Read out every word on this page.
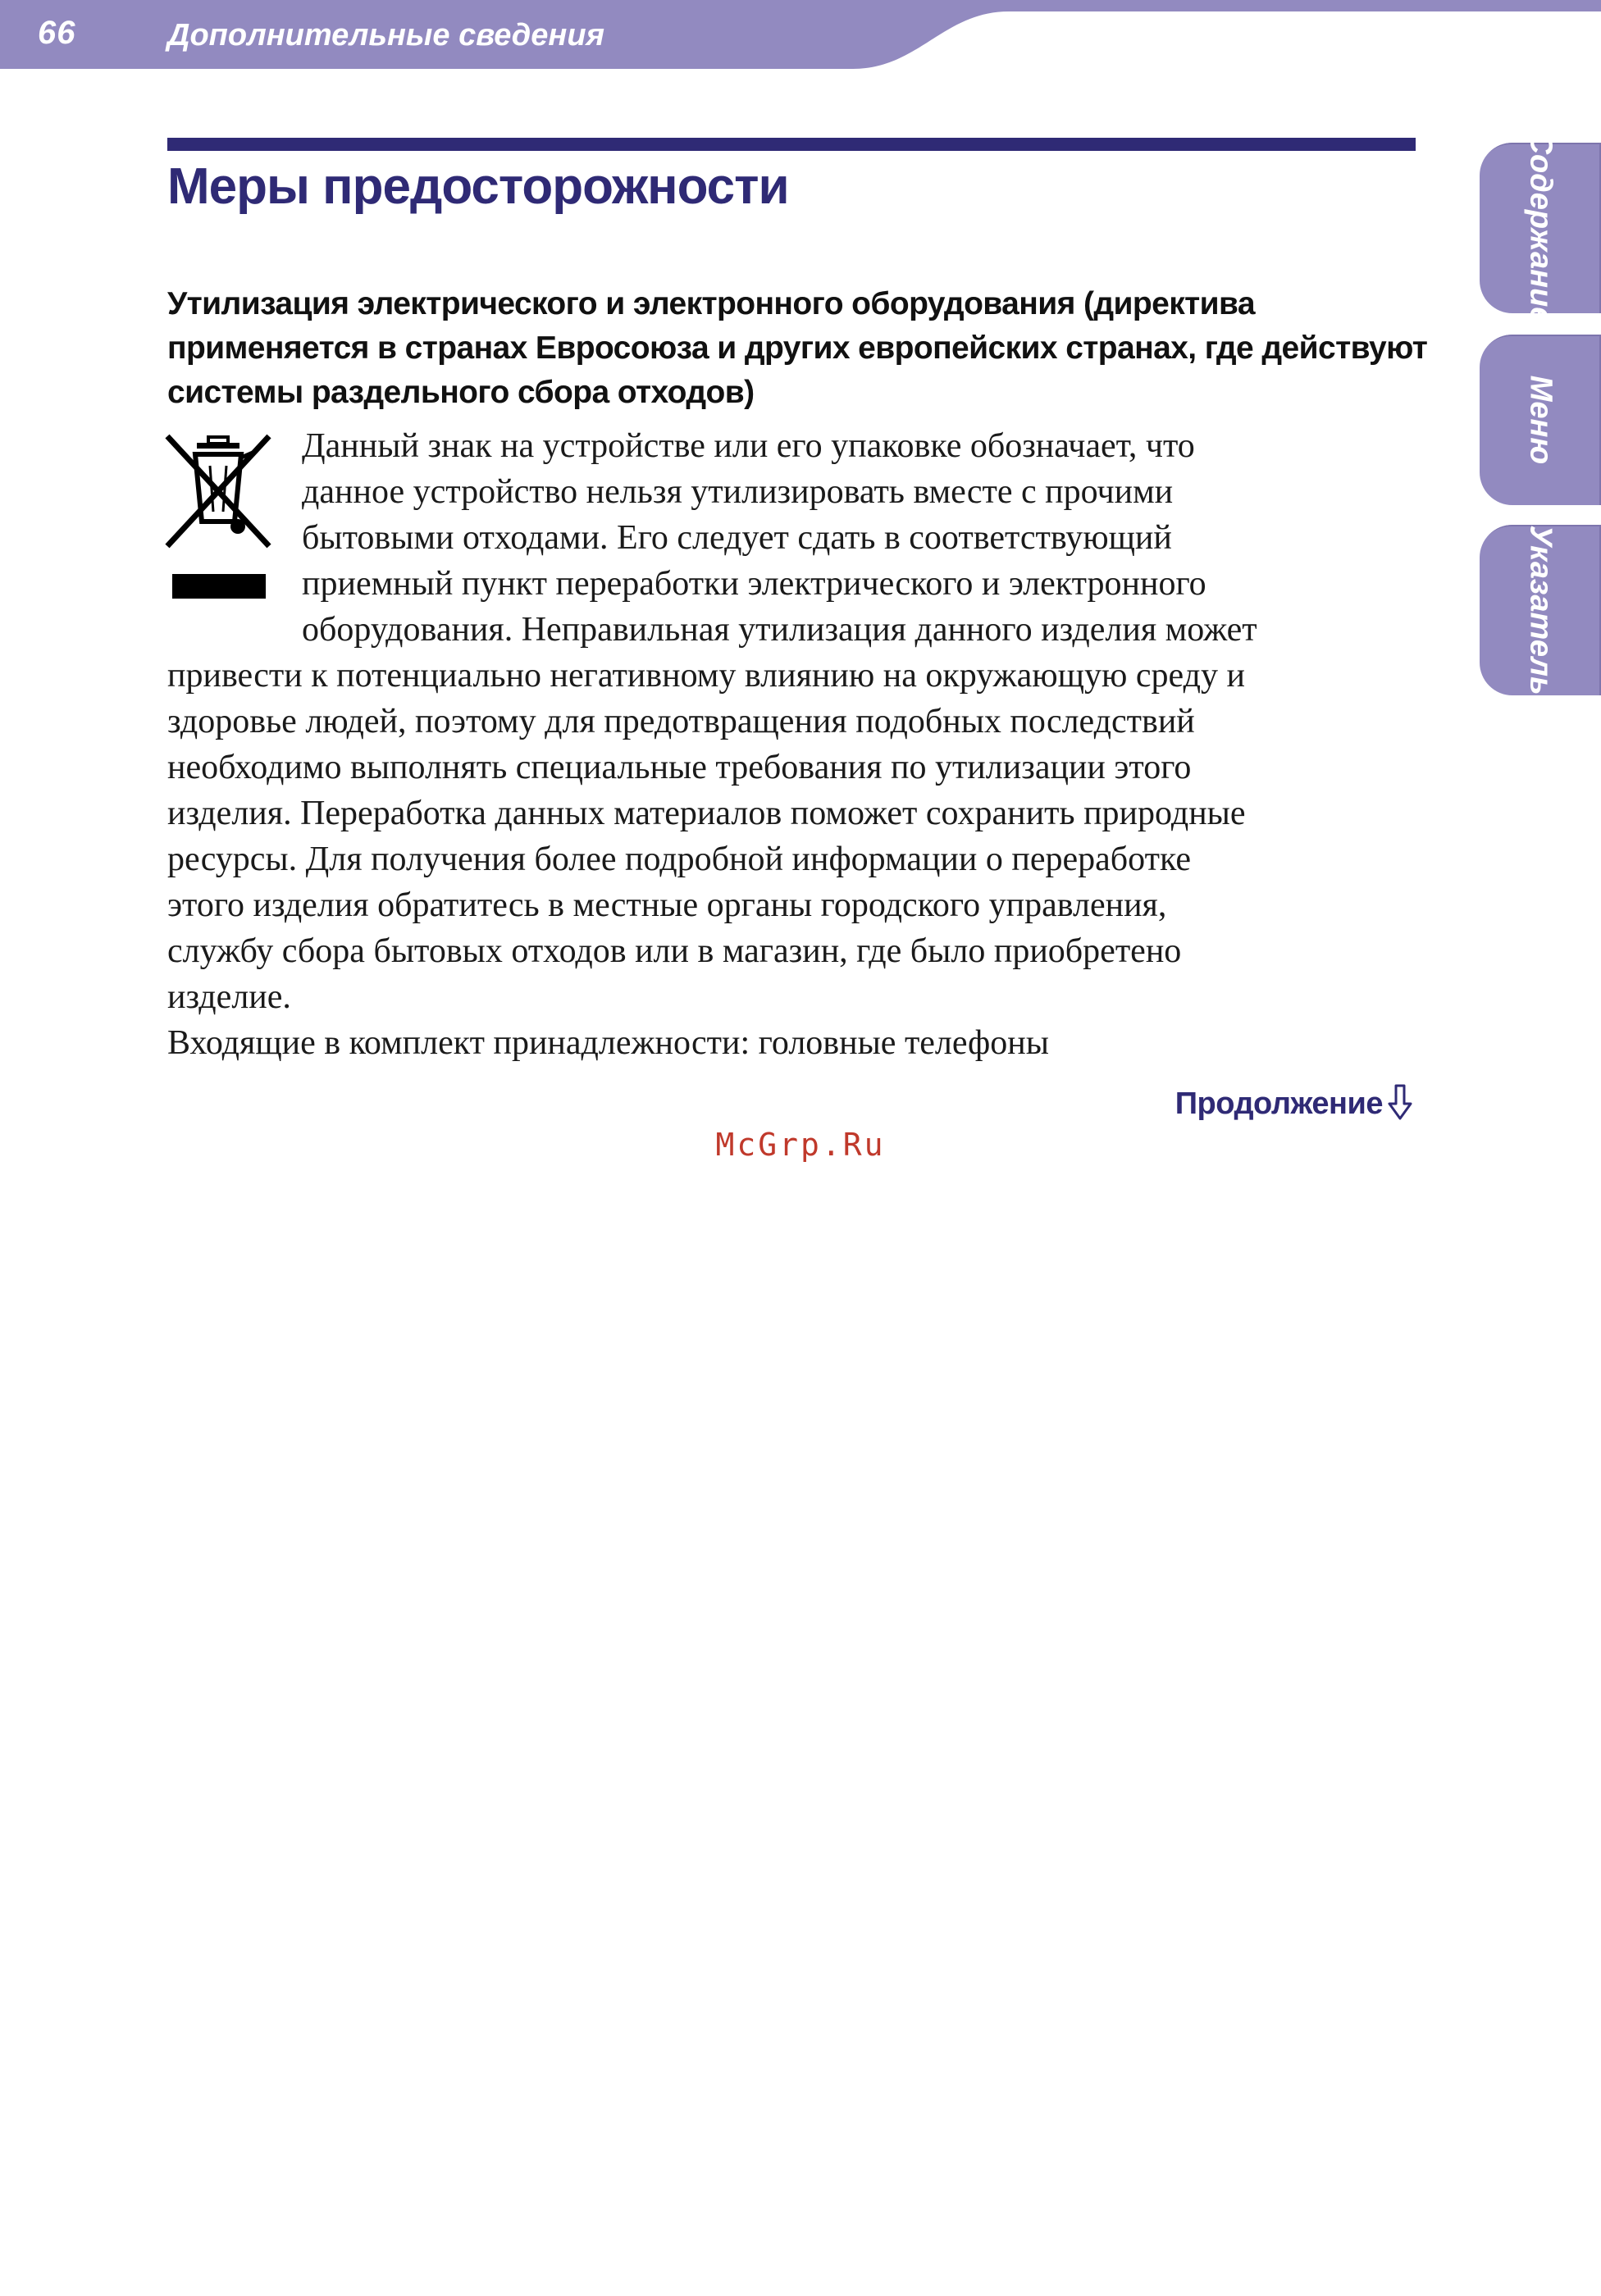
66	Дополнительные сведения
Меры предосторожности	Содержание
Меню
Указатель
Утилизация электрического и электронного оборудования (директива применяется в странах Евросоюза и других европейских странах, где действуют системы раздельного сбора отходов)
Данный знак на устройстве или его упаковке обозначает, что
данное устройство нельзя утилизировать вместе с прочими
бытовыми отходами. Его следует сдать в соответствующий
приемный пункт переработки электрического и электронного
оборудования. Неправильная утилизация данного изделия может
привести к потенциально негативному влиянию на окружающую среду и
здоровье людей, поэтому для предотвращения подобных последствий
необходимо выполнять специальные требования по утилизации этого
изделия. Переработка данных материалов поможет сохранить природные
ресурсы. Для получения более подробной информации о переработке
этого изделия обратитесь в местные органы городского управления,
службу сбора бытовых отходов или в магазин, где было приобретено
изделие.
Входящие в комплект принадлежности: головные телефоны
Продолжение
McGrp.Ru
